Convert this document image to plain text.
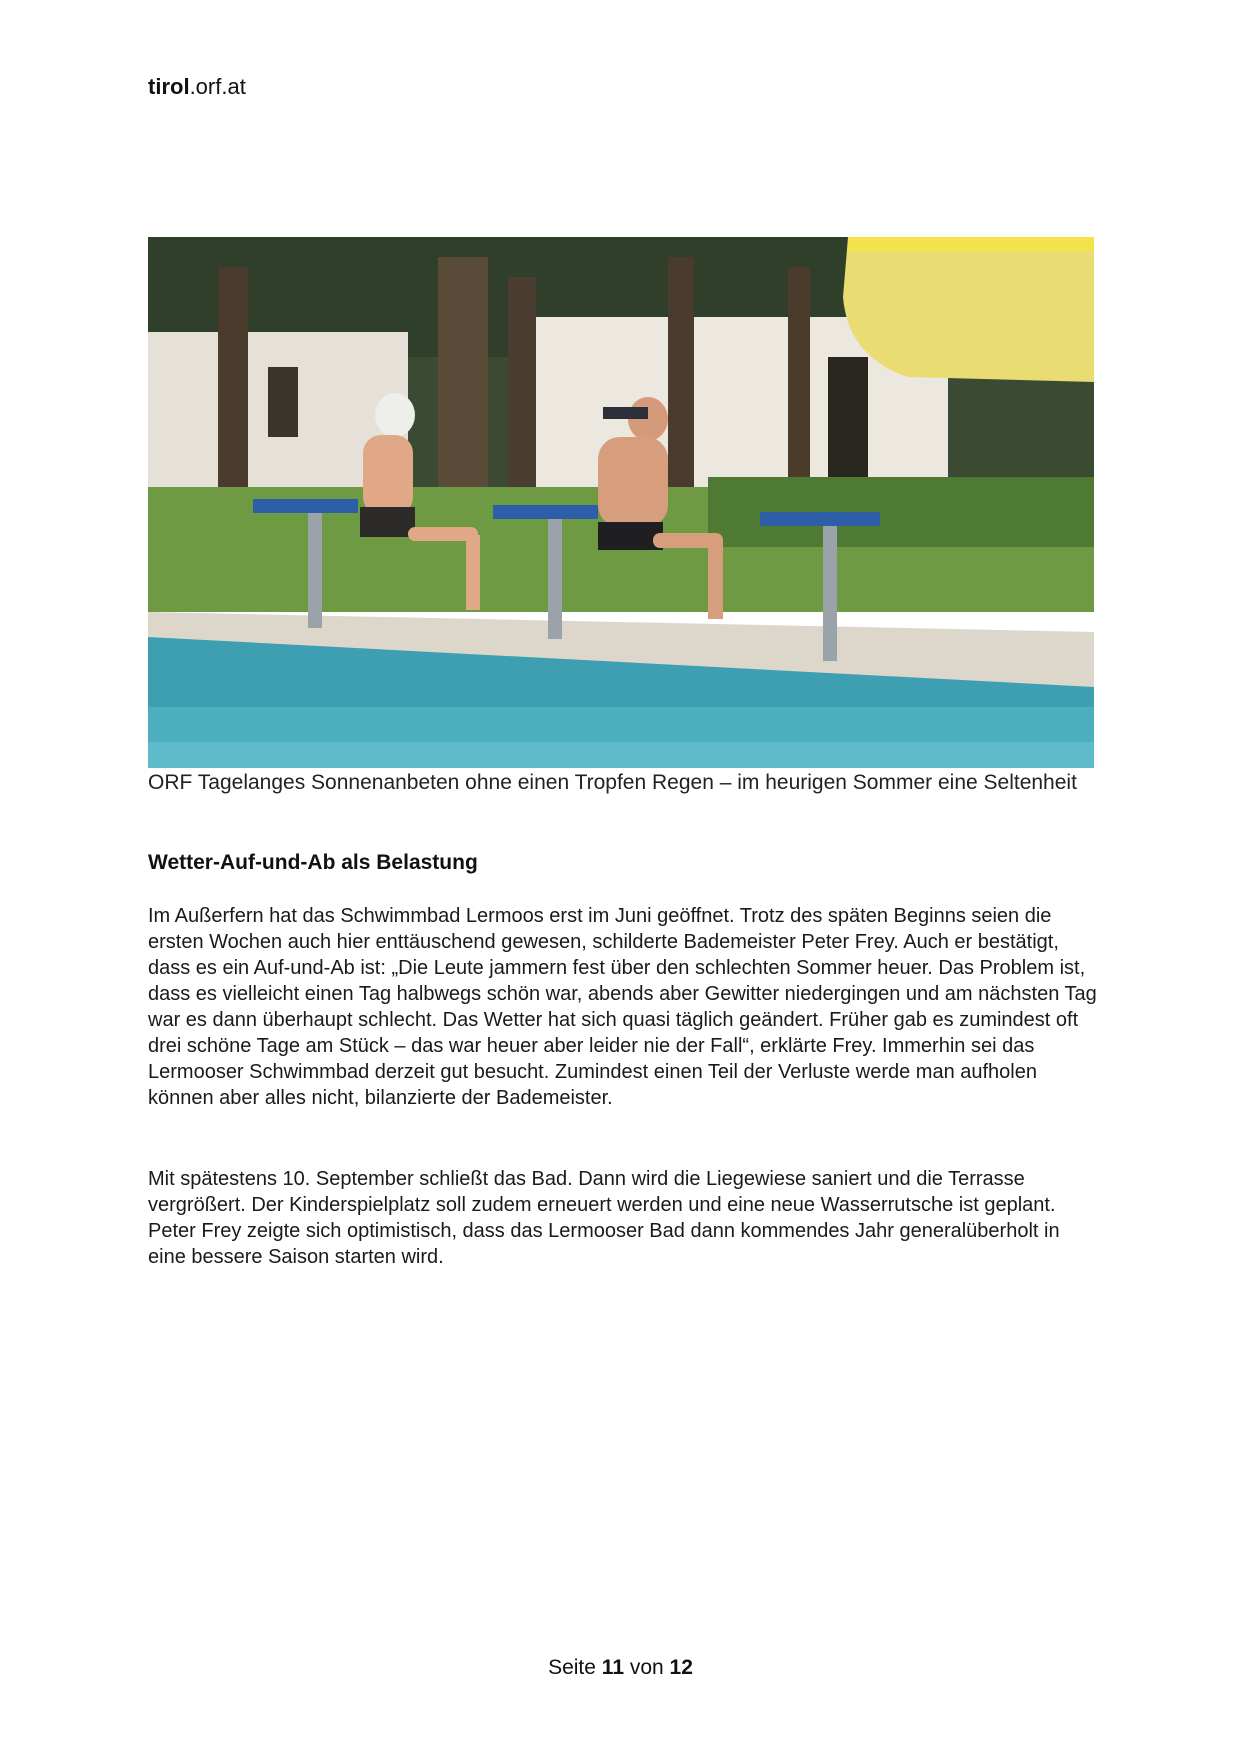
tirol.orf.at
ORF Tagelanges Sonnenanbeten ohne einen Tropfen Regen – im heurigen Sommer eine Seltenheit
Wetter-Auf-und-Ab als Belastung

Im Außerfern hat das Schwimmbad Lermoos erst im Juni geöffnet. Trotz des späten Beginns seien die ersten Wochen auch hier enttäuschend gewesen, schilderte Bademeister Peter Frey. Auch er bestätigt, dass es ein Auf-und-Ab ist: „Die Leute jammern fest über den schlechten Sommer heuer. Das Problem ist, dass es vielleicht einen Tag halbwegs schön war, abends aber Gewitter niedergingen und am nächsten Tag war es dann überhaupt schlecht. Das Wetter hat sich quasi täglich geändert. Früher gab es zumindest oft drei schöne Tage am Stück – das war heuer aber leider nie der Fall“, erklärte Frey. Immerhin sei das Lermooser Schwimmbad derzeit gut besucht. Zumindest einen Teil der Verluste werde man aufholen können aber alles nicht, bilanzierte der Bademeister.

Mit spätestens 10. September schließt das Bad. Dann wird die Liegewiese saniert und die Terrasse vergrößert. Der Kinderspielplatz soll zudem erneuert werden und eine neue Wasserrutsche ist geplant. Peter Frey zeigte sich optimistisch, dass das Lermooser Bad dann kommendes Jahr generalüberholt in eine bessere Saison starten wird.

Seite 11 von 12
